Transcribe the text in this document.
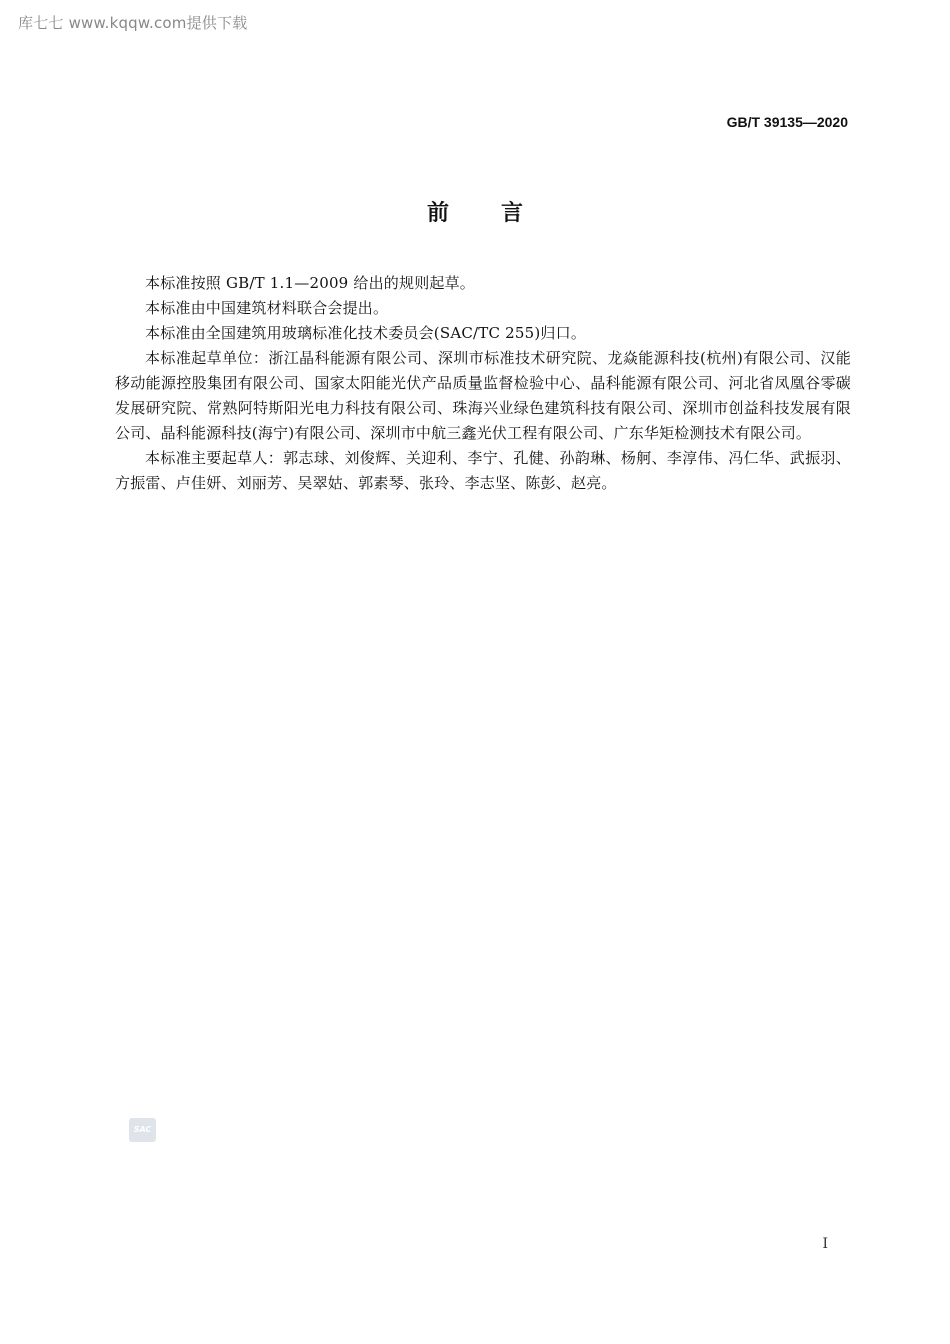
库七七 www.kqqw.com提供下载
GB/T 39135—2020
前言

本标准按照 GB/T 1.1—2009 给出的规则起草。

本标准由中国建筑材料联合会提出。

本标准由全国建筑用玻璃标准化技术委员会(SAC/TC 255)归口。

本标准起草单位：浙江晶科能源有限公司、深圳市标准技术研究院、龙焱能源科技(杭州)有限公司、汉能移动能源控股集团有限公司、国家太阳能光伏产品质量监督检验中心、晶科能源有限公司、河北省凤凰谷零碳发展研究院、常熟阿特斯阳光电力科技有限公司、珠海兴业绿色建筑科技有限公司、深圳市创益科技发展有限公司、晶科能源科技(海宁)有限公司、深圳市中航三鑫光伏工程有限公司、广东华矩检测技术有限公司。

本标准主要起草人：郭志球、刘俊辉、关迎利、李宁、孔健、孙韵琳、杨舸、李淳伟、冯仁华、武振羽、方振雷、卢佳妍、刘丽芳、吴翠姑、郭素琴、张玲、李志坚、陈彭、赵亮。

SAC
I
